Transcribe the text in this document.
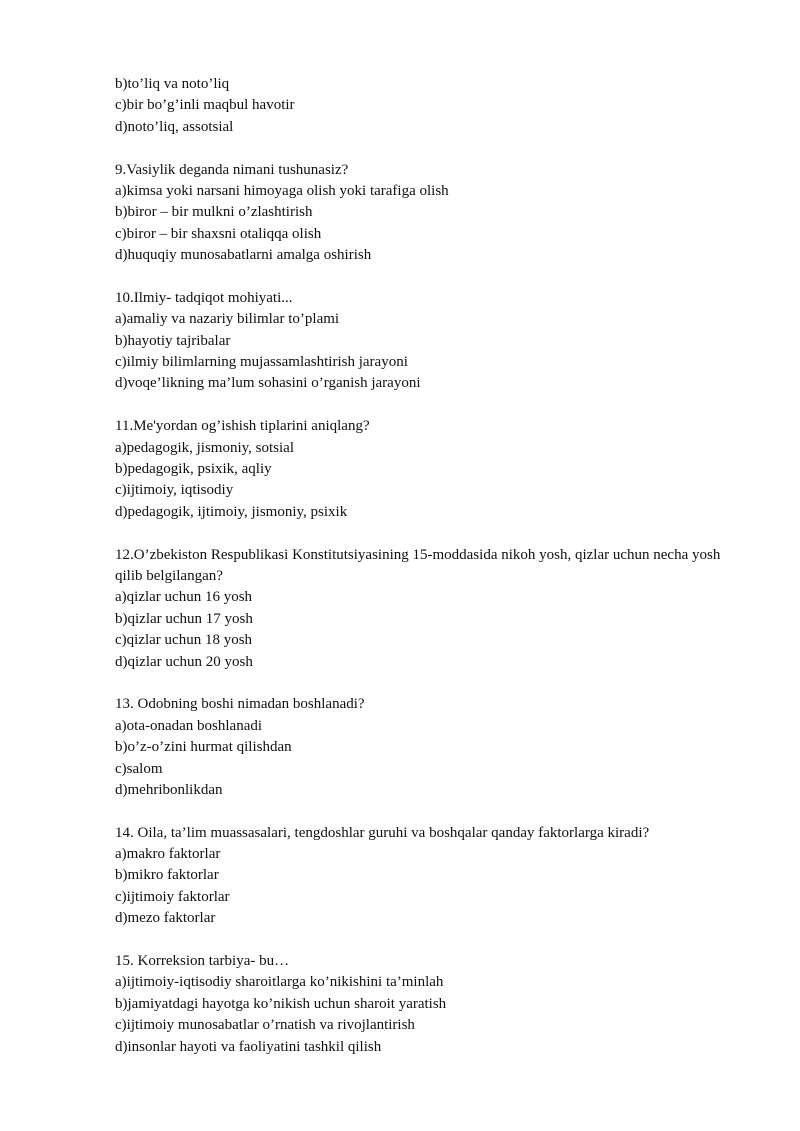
b)to’liq va noto’liq
c)bir bo’g’inli maqbul havotir
d)noto’liq, assotsial
9.Vasiylik deganda nimani tushunasiz?
a)kimsa yoki narsani himoyaga olish yoki tarafiga olish
b)biror – bir mulkni o’zlashtirish
c)biror – bir shaxsni otaliqqa olish
d)huquqiy munosabatlarni amalga oshirish
10.Ilmiy- tadqiqot mohiyati...
a)amaliy va nazariy bilimlar to’plami
b)hayotiy tajribalar
c)ilmiy bilimlarning mujassamlashtirish jarayoni
d)voqe’likning ma’lum sohasini o’rganish jarayoni
11.Me'yordan og’ishish tiplarini aniqlang?
a)pedagogik, jismoniy, sotsial
b)pedagogik, psixik, aqliy
c)ijtimoiy, iqtisodiy
d)pedagogik, ijtimoiy, jismoniy, psixik
12.O’zbekiston Respublikasi Konstitutsiyasining 15-moddasida nikoh yosh, qizlar uchun necha yosh qilib belgilangan?
a)qizlar uchun 16 yosh
b)qizlar uchun 17 yosh
c)qizlar uchun 18 yosh
d)qizlar uchun 20 yosh
13. Odobning boshi nimadan boshlanadi?
a)ota-onadan boshlanadi
b)o’z-o’zini hurmat qilishdan
c)salom
d)mehribonlikdan
14. Oila, ta’lim muassasalari, tengdoshlar guruhi va boshqalar qanday faktorlarga kiradi?
a)makro faktorlar
b)mikro faktorlar
c)ijtimoiy faktorlar
d)mezo faktorlar
15. Korreksion tarbiya- bu…
a)ijtimoiy-iqtisodiy sharoitlarga ko’nikishini ta’minlah
b)jamiyatdagi hayotga ko’nikish uchun sharoit yaratish
c)ijtimoiy munosabatlar o’rnatish va rivojlantirish
d)insonlar hayoti va faoliyatini tashkil qilish
